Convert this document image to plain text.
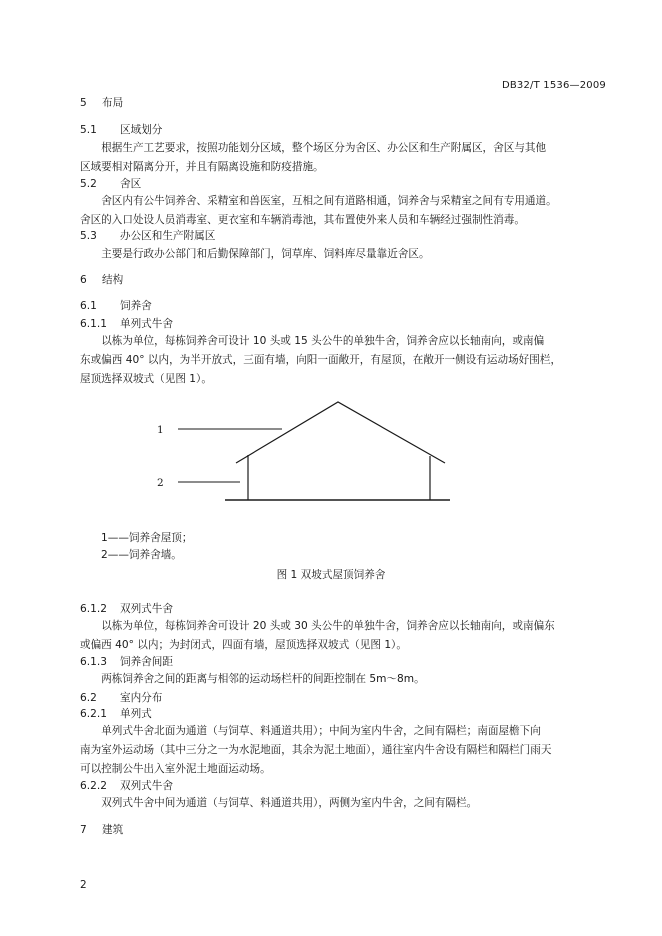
DB32/T 1536—2009
5 布局
5.1 区域划分
根据生产工艺要求，按照功能划分区域，整个场区分为舍区、办公区和生产附属区，舍区与其他
区域要相对隔离分开，并且有隔离设施和防疫措施。
5.2 舍区
舍区内有公牛饲养舍、采精室和兽医室，互相之间有道路相通，饲养舍与采精室之间有专用通道。
舍区的入口处设人员消毒室、更衣室和车辆消毒池，其布置使外来人员和车辆经过强制性消毒。
5.3 办公区和生产附属区
主要是行政办公部门和后勤保障部门，饲草库、饲料库尽量靠近舍区。
6 结构
6.1 饲养舍
6.1.1 单列式牛舍
以栋为单位，每栋饲养舍可设计 10 头或 15 头公牛的单独牛舍，饲养舍应以长轴南向，或南偏
东或偏西 40° 以内，为半开放式，三面有墙，向阳一面敞开，有屋顶，在敞开一侧设有运动场好围栏，
屋顶选择双坡式（见图 1）。
1
2
1——饲养舍屋顶；
2——饲养舍墙。
图 1 双坡式屋顶饲养舍
6.1.2 双列式牛舍
以栋为单位，每栋饲养舍可设计 20 头或 30 头公牛的单独牛舍，饲养舍应以长轴南向，或南偏东
或偏西 40° 以内；为封闭式，四面有墙，屋顶选择双坡式（见图 1）。
6.1.3 饲养舍间距
两栋饲养舍之间的距离与相邻的运动场栏杆的间距控制在 5m～8m。
6.2 室内分布
6.2.1 单列式
单列式牛舍北面为通道（与饲草、料通道共用）；中间为室内牛舍，之间有隔栏；南面屋檐下向
南为室外运动场（其中三分之一为水泥地面，其余为泥土地面），通往室内牛舍设有隔栏和隔栏门雨天
可以控制公牛出入室外泥土地面运动场。
6.2.2 双列式牛舍
双列式牛舍中间为通道（与饲草、料通道共用），两侧为室内牛舍，之间有隔栏。
7 建筑
2
